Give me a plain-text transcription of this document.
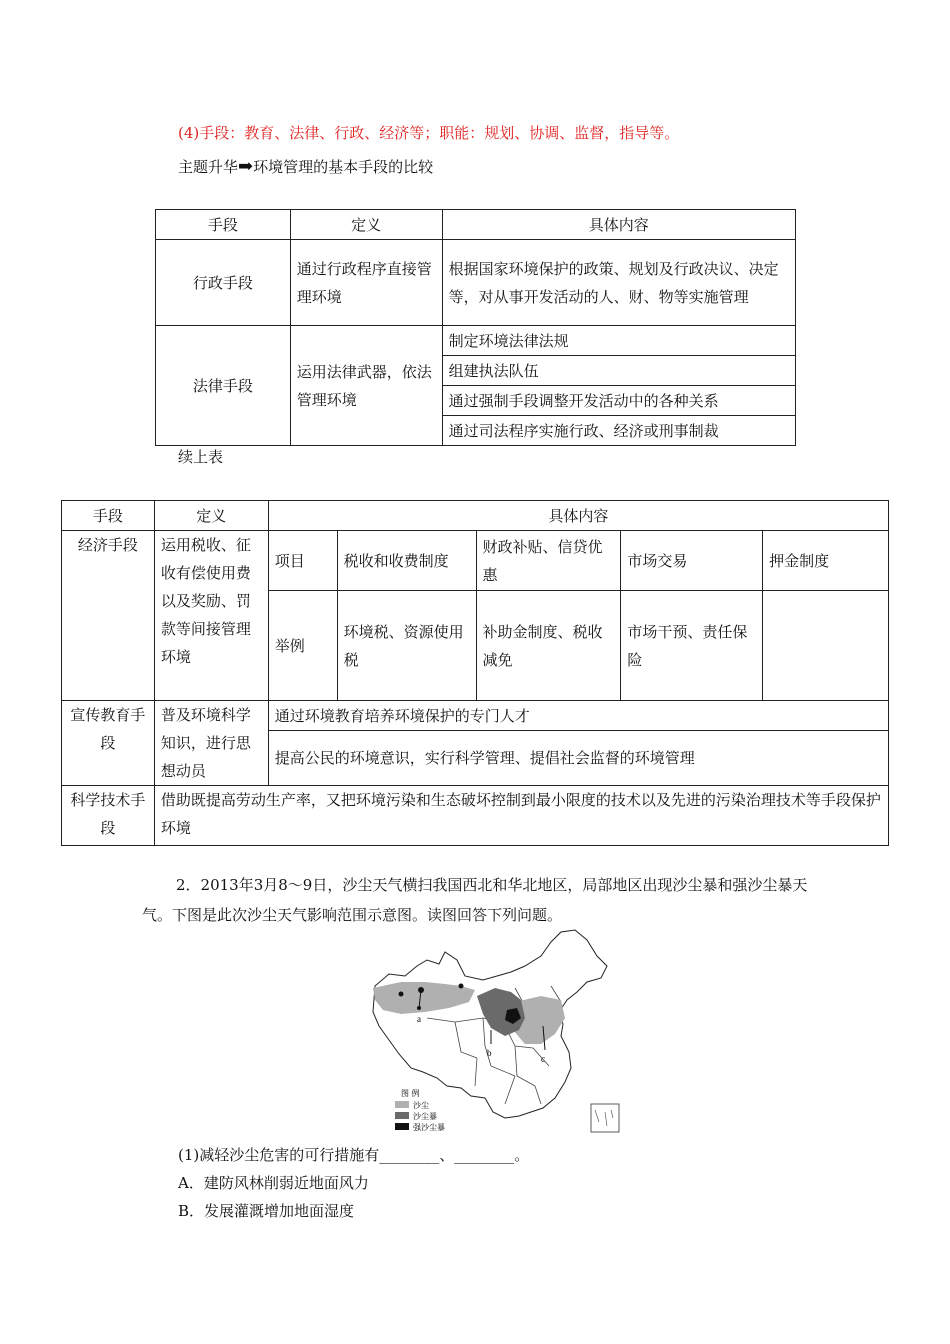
(4)手段：教育、法律、行政、经济等；职能：规划、协调、监督，指导等。
主题升华➡环境管理的基本手段的比较
手段	定义	具体内容
行政手段	通过行政程序直接管理环境	根据国家环境保护的政策、规划及行政决议、决定等，对从事开发活动的人、财、物等实施管理
法律手段	运用法律武器，依法管理环境	制定环境法律法规
		组建执法队伍
		通过强制手段调整开发活动中的各种关系
		通过司法程序实施行政、经济或刑事制裁
续上表
手段	定义	具体内容				
经济手段	运用税收、征收有偿使用费以及奖励、罚款等间接管理环境	项目	税收和收费制度	财政补贴、信贷优惠	市场交易	押金制度
		举例	环境税、资源使用税	补助金制度、税收减免	市场干预、责任保险	
宣传教育手段	普及环境科学知识，进行思想动员	通过环境教育培养环境保护的专门人才				
		提高公民的环境意识，实行科学管理、提倡社会监督的环境管理				
科学技术手段	借助既提高劳动生产率，又把环境污染和生态破坏控制到最小限度的技术以及先进的污染治理技术等手段保护环境					
2．2013年3月8～9日，沙尘天气横扫我国西北和华北地区，局部地区出现沙尘暴和强沙尘暴天气。下图是此次沙尘天气影响范围示意图。读图回答下列问题。
a
b
c
图 例
沙尘
沙尘暴
强沙尘暴
(1)减轻沙尘危害的可行措施有________、________。
A．建防风林削弱近地面风力
B．发展灌溉增加地面湿度
